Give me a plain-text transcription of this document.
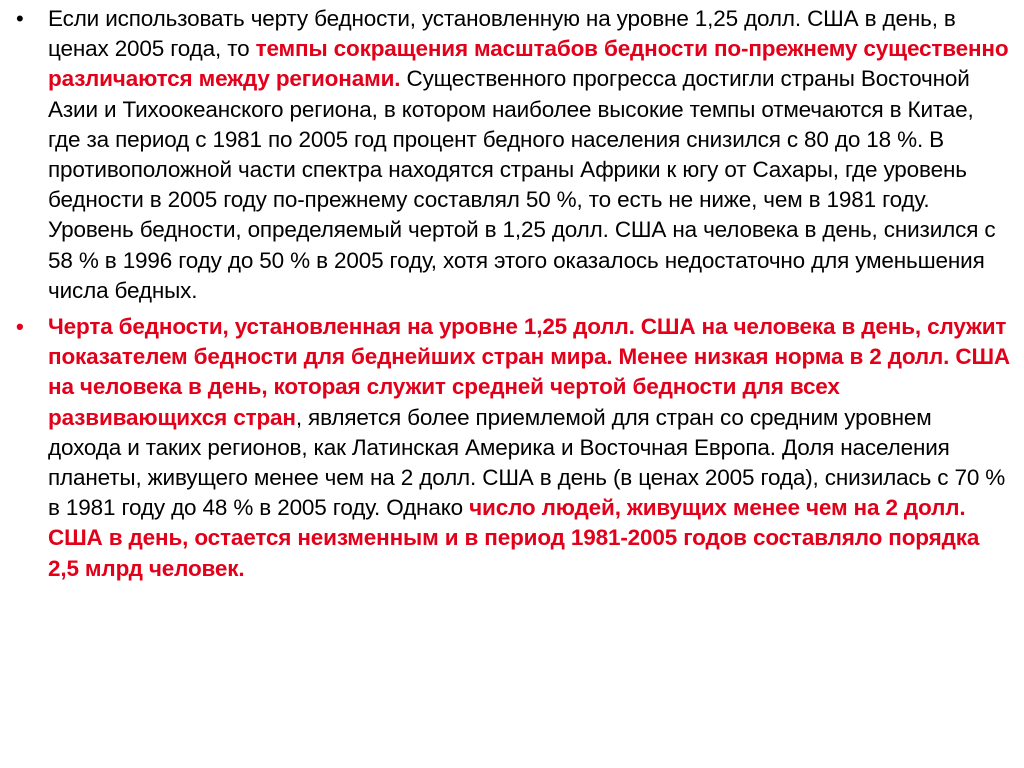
• Если использовать черту бедности, установленную на уровне 1,25 долл. США в день, в ценах 2005 года, то темпы сокращения масштабов бедности по-прежнему существенно различаются между регионами. Существенного прогресса достигли страны Восточной Азии и Тихоокеанского региона, в котором наиболее высокие темпы отмечаются в Китае, где за период с 1981 по 2005 год процент бедного населения снизился с 80 до 18 %. В противоположной части спектра находятся страны Африки к югу от Сахары, где уровень бедности в 2005 году по-прежнему составлял 50 %, то есть не ниже, чем в 1981 году. Уровень бедности, определяемый чертой в 1,25 долл. США на человека в день, снизился с 58 % в 1996 году до 50 % в 2005 году, хотя этого оказалось недостаточно для уменьшения числа бедных.
• Черта бедности, установленная на уровне 1,25 долл. США на человека в день, служит показателем бедности для беднейших стран мира. Менее низкая норма в 2 долл. США на человека в день, которая служит средней чертой бедности для всех развивающихся стран, является более приемлемой для стран со средним уровнем дохода и таких регионов, как Латинская Америка и Восточная Европа. Доля населения планеты, живущего менее чем на 2 долл. США в день (в ценах 2005 года), снизилась с 70 % в 1981 году до 48 % в 2005 году. Однако число людей, живущих менее чем на 2 долл. США в день, остается неизменным и в период 1981-2005 годов составляло порядка 2,5 млрд человек.
